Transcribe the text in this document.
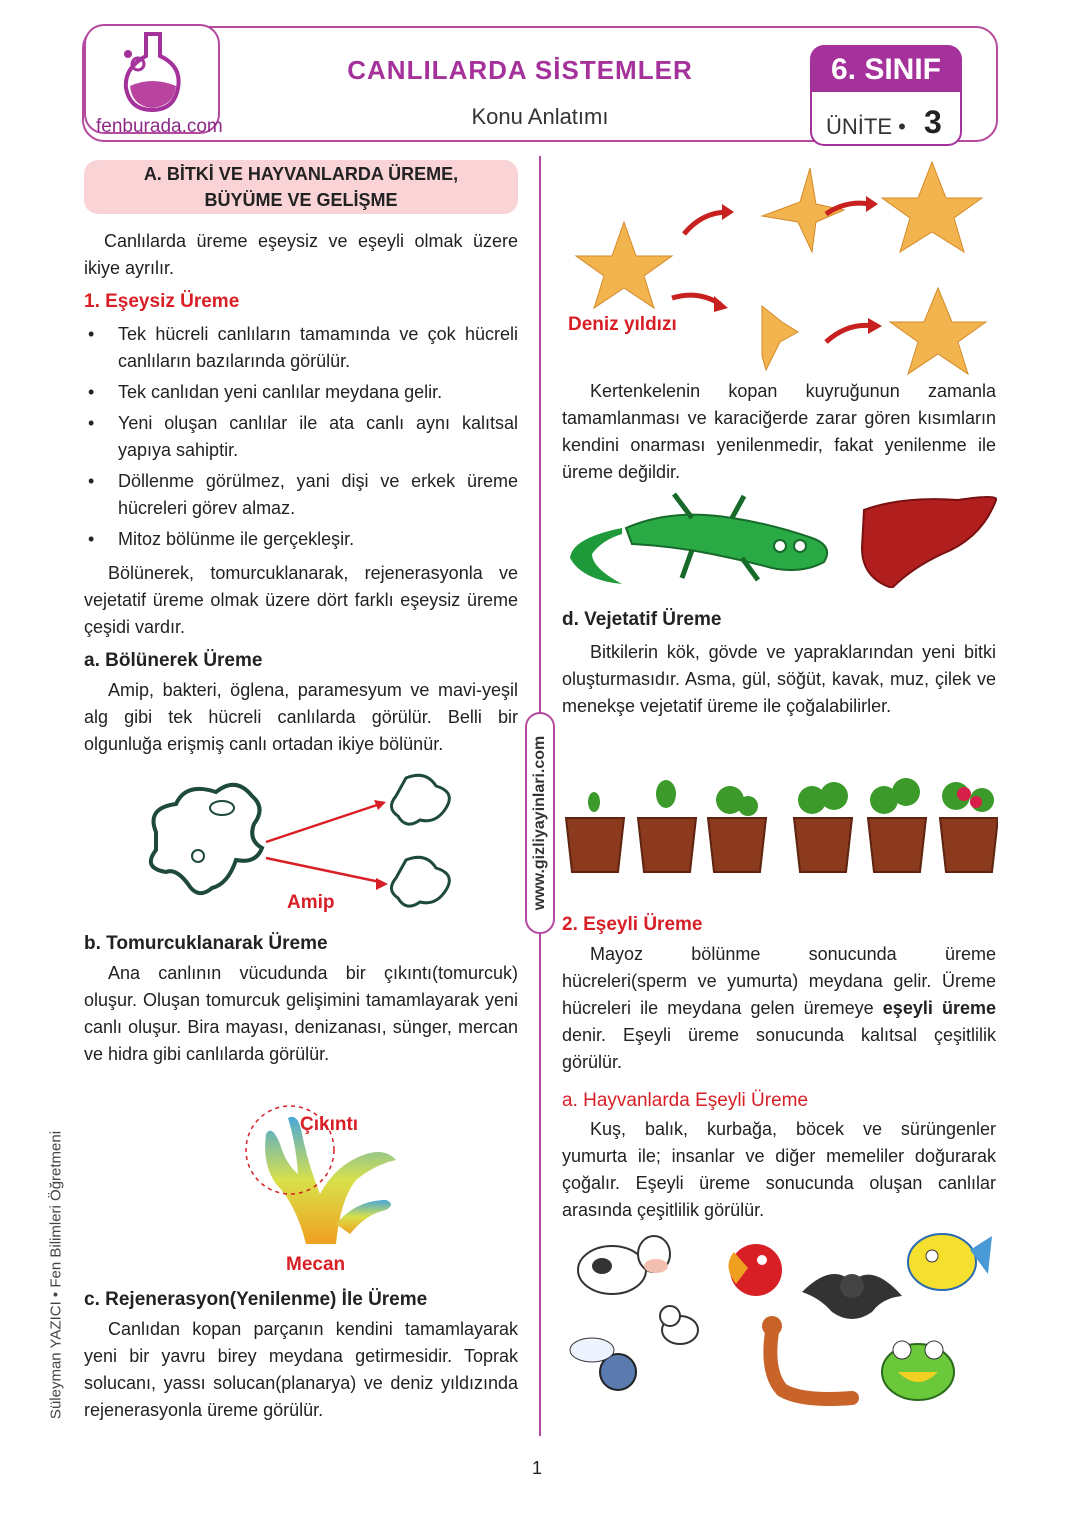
fenburada.com
CANLILARDA SİSTEMLER
Konu Anlatımı
6. SINIF
ÜNİTE • 3
www.gizliyayinlari.com
Süleyman YAZICI • Fen Bilimleri Öğretmeni
A. BİTKİ VE HAYVANLARDA ÜREME,
BÜYÜME VE GELİŞME
Canlılarda üreme eşeysiz ve eşeyli olmak üzere ikiye ayrılır.
1. Eşeysiz Üreme
• Tek hücreli canlıların tamamında ve çok hücreli canlıların bazılarında görülür.
• Tek canlıdan yeni canlılar meydana gelir.
• Yeni oluşan canlılar ile ata canlı aynı kalıtsal yapıya sahiptir.
• Döllenme görülmez, yani dişi ve erkek üreme hücreleri görev almaz.
• Mitoz bölünme ile gerçekleşir.
Bölünerek, tomurcuklanarak, rejenerasyonla ve vejetatif üreme olmak üzere dört farklı eşeysiz üreme çeşidi vardır.
a. Bölünerek Üreme
Amip, bakteri, öglena, paramesyum ve mavi-yeşil alg gibi tek hücreli canlılarda görülür. Belli bir olgunluğa erişmiş canlı ortadan ikiye bölünür.
Amip
b. Tomurcuklanarak Üreme
Ana canlının vücudunda bir çıkıntı(tomurcuk) oluşur. Oluşan tomurcuk gelişimini tamamlayarak yeni canlı oluşur. Bira mayası, denizanası, sünger, mercan ve hidra gibi canlılarda görülür.
Çıkıntı
Mecan
c. Rejenerasyon(Yenilenme) İle Üreme
Canlıdan kopan parçanın kendini tamamlayarak yeni bir yavru birey meydana getirmesidir. Toprak solucanı, yassı solucan(planarya) ve deniz yıldızında rejenerasyonla üreme görülür.
Deniz yıldızı
Kertenkelenin kopan kuyruğunun zamanla tamamlanması ve karaciğerde zarar gören kısımların kendini onarması yenilenmedir, fakat yenilenme ile üreme değildir.
d. Vejetatif Üreme
Bitkilerin kök, gövde ve yapraklarından yeni bitki oluşturmasıdır. Asma, gül, söğüt, kavak, muz, çilek ve menekşe vejetatif üreme ile çoğalabilirler.
2. Eşeyli Üreme
Mayoz bölünme sonucunda üreme hücreleri(sperm ve yumurta) meydana gelir. Üreme hücreleri ile meydana gelen üremeye eşeyli üreme denir. Eşeyli üreme sonucunda kalıtsal çeşitlilik görülür.
a. Hayvanlarda Eşeyli Üreme
Kuş, balık, kurbağa, böcek ve sürüngenler yumurta ile; insanlar ve diğer memeliler doğurarak çoğalır. Eşeyli üreme sonucunda oluşan canlılar arasında çeşitlilik görülür.
1
